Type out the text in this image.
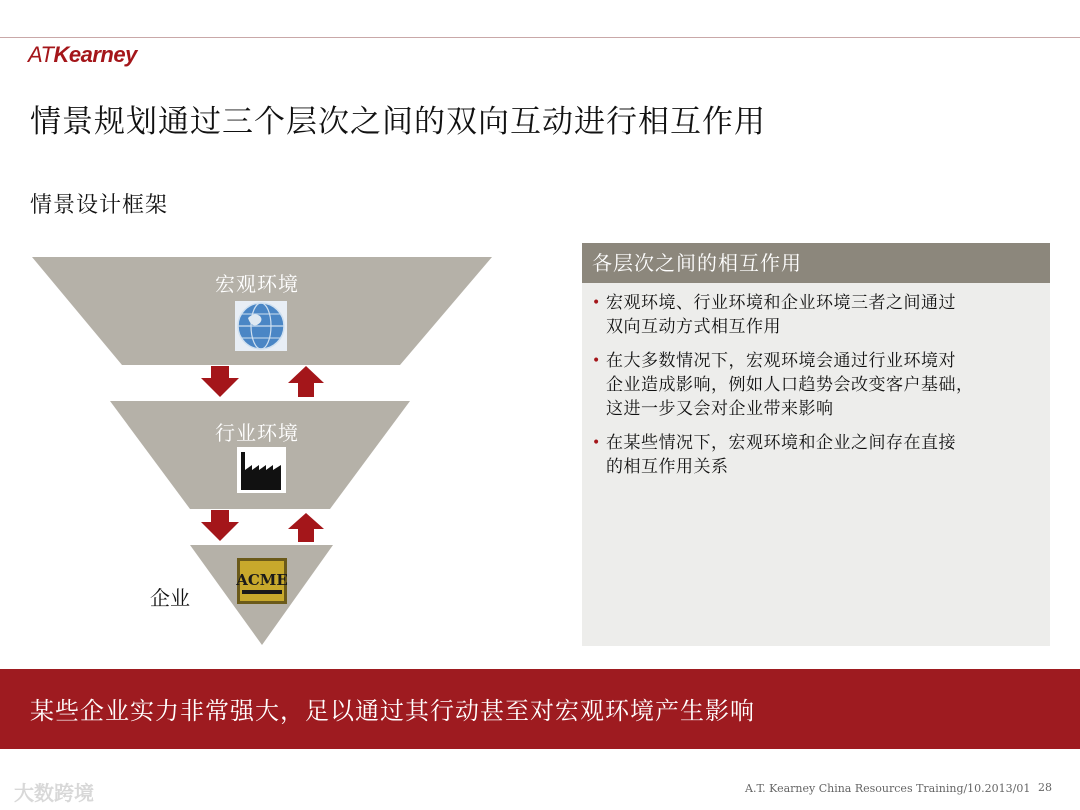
ATKearney
情景规划通过三个层次之间的双向互动进行相互作用
情景设计框架
ACME
宏观环境
行业环境
企业
各层次之间的相互作用
• 宏观环境、行业环境和企业环境三者之间通过
双向互动方式相互作用
• 在大多数情况下，宏观环境会通过行业环境对
企业造成影响，例如人口趋势会改变客户基础，
这进一步又会对企业带来影响
• 在某些情况下，宏观环境和企业之间存在直接
的相互作用关系
某些企业实力非常强大，足以通过其行动甚至对宏观环境产生影响
大数跨境	A.T. Kearney China Resources Training/10.2013/01 28
